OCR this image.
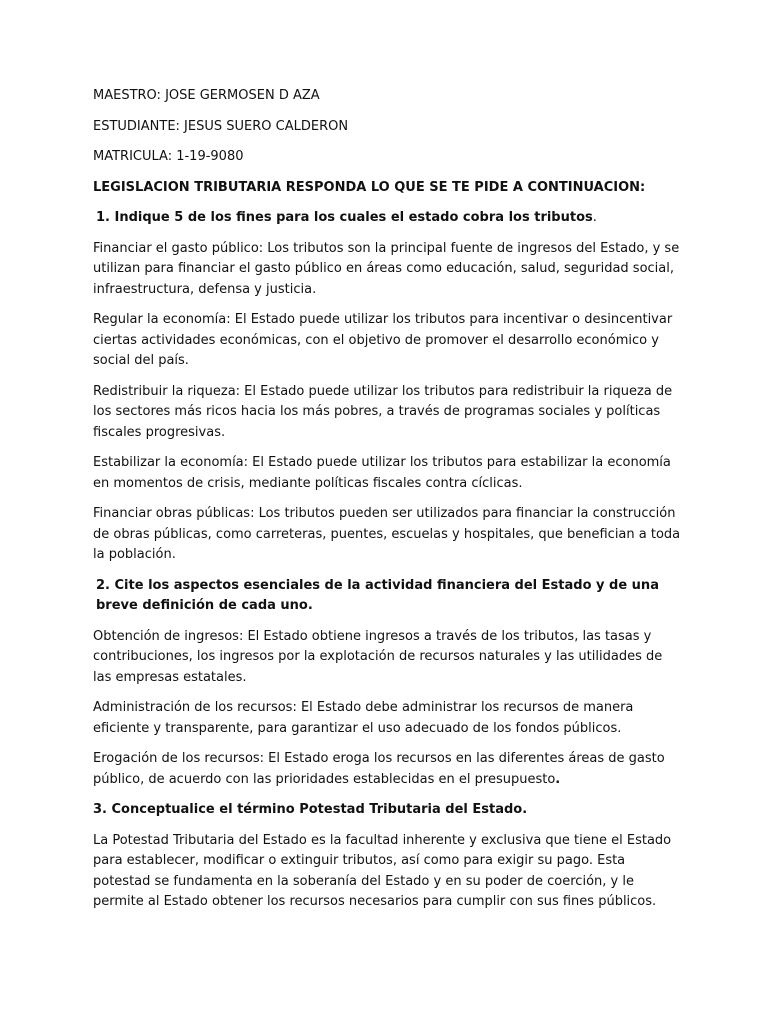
MAESTRO: JOSE GERMOSEN D AZA
ESTUDIANTE: JESUS SUERO CALDERON
MATRICULA: 1-19-9080
LEGISLACION TRIBUTARIA RESPONDA LO QUE SE TE PIDE A CONTINUACION:
1. Indique 5 de los fines para los cuales el estado cobra los tributos.

Financiar el gasto público: Los tributos son la principal fuente de ingresos del Estado, y se utilizan para financiar el gasto público en áreas como educación, salud, seguridad social, infraestructura, defensa y justicia.

Regular la economía: El Estado puede utilizar los tributos para incentivar o desincentivar ciertas actividades económicas, con el objetivo de promover el desarrollo económico y social del país.

Redistribuir la riqueza: El Estado puede utilizar los tributos para redistribuir la riqueza de los sectores más ricos hacia los más pobres, a través de programas sociales y políticas fiscales progresivas.

Estabilizar la economía: El Estado puede utilizar los tributos para estabilizar la economía en momentos de crisis, mediante políticas fiscales contra cíclicas.

Financiar obras públicas: Los tributos pueden ser utilizados para financiar la construcción de obras públicas, como carreteras, puentes, escuelas y hospitales, que benefician a toda la población.

2. Cite los aspectos esenciales de la actividad financiera del Estado y de una breve definición de cada uno.

Obtención de ingresos: El Estado obtiene ingresos a través de los tributos, las tasas y contribuciones, los ingresos por la explotación de recursos naturales y las utilidades de las empresas estatales.

Administración de los recursos: El Estado debe administrar los recursos de manera eficiente y transparente, para garantizar el uso adecuado de los fondos públicos.

Erogación de los recursos: El Estado eroga los recursos en las diferentes áreas de gasto público, de acuerdo con las prioridades establecidas en el presupuesto.

3. Conceptualice el término Potestad Tributaria del Estado.

La Potestad Tributaria del Estado es la facultad inherente y exclusiva que tiene el Estado para establecer, modificar o extinguir tributos, así como para exigir su pago. Esta potestad se fundamenta en la soberanía del Estado y en su poder de coerción, y le permite al Estado obtener los recursos necesarios para cumplir con sus fines públicos.
